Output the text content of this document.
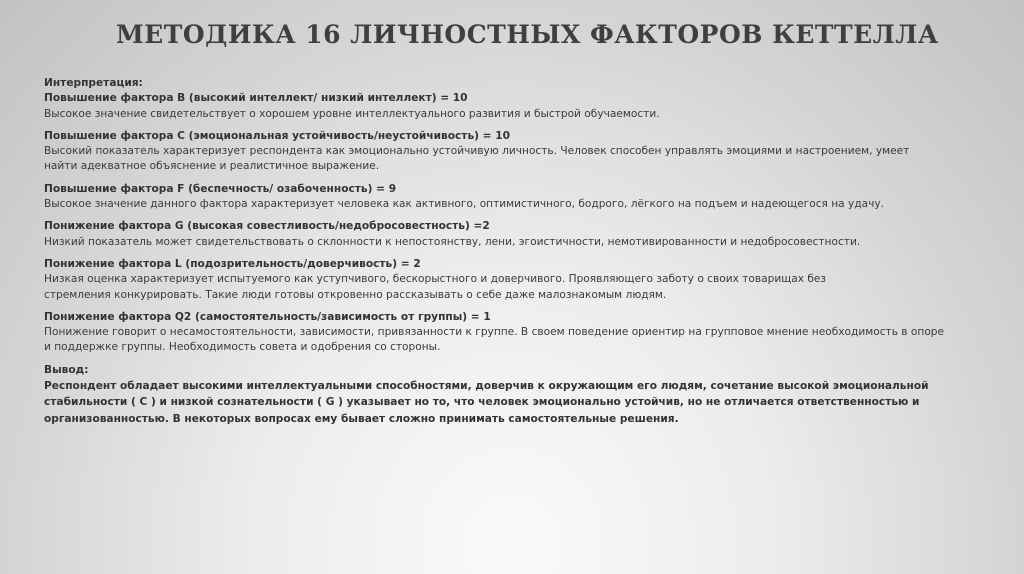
МЕТОДИКА 16 ЛИЧНОСТНЫХ ФАКТОРОВ КЕТТЕЛЛА

Интерпретация:

Повышение фактора В (высокий интеллект/ низкий интеллект) = 10

Высокое значение свидетельствует о хорошем уровне интеллектуального развития и быстрой обучаемости.

Повышение фактора С (эмоциональная устойчивость/неустойчивость) = 10

Высокий показатель характеризует респондента как эмоционально устойчивую личность. Человек способен управлять эмоциями и настроением, умеет найти адекватное объяснение и реалистичное выражение.

Повышение фактора F (беспечность/ озабоченность) = 9

Высокое значение данного фактора характеризует человека как активного, оптимистичного, бодрого, лёгкого на подъем и надеющегося на удачу.

Понижение фактора G (высокая совестливость/недобросовестность) =2

Низкий показатель может свидетельствовать о склонности к непостоянству, лени, эгоистичности, немотивированности и недобросовестности.

Понижение фактора L (подозрительность/доверчивость) = 2

Низкая оценка характеризует испытуемого как уступчивого, бескорыстного и доверчивого. Проявляющего заботу о своих товарищах без стремления конкурировать. Такие люди готовы откровенно рассказывать о себе даже малознакомым людям.

Понижение фактора Q2 (самостоятельность/зависимость от группы) = 1

Понижение говорит о несамостоятельности, зависимости, привязанности к группе. В своем поведение ориентир на групповое мнение необходимость в опоре и поддержке группы. Необходимость совета и одобрения со стороны.

Вывод:

Респондент обладает высокими интеллектуальными способностями, доверчив к окружающим его людям, сочетание высокой эмоциональной стабильности ( С ) и низкой сознательности ( G ) указывает но то, что человек эмоционально устойчив, но не отличается ответственностью и организованностью. В некоторых вопросах ему бывает сложно принимать самостоятельные решения.
